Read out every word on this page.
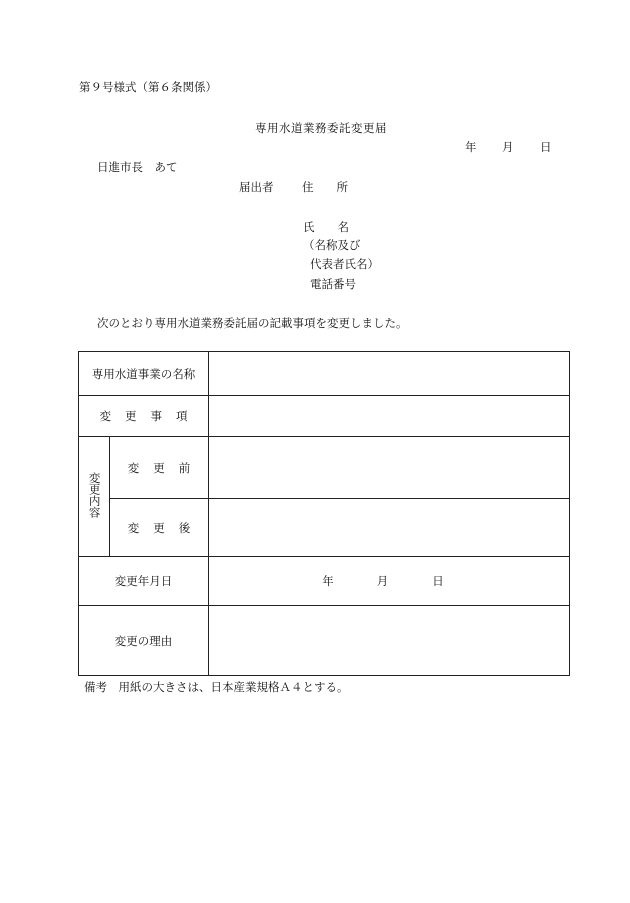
第９号様式（第６条関係）
専用水道業務委託変更届
年 月 日
日進市長　あて
届出者 住　　所
氏　　名
（名称及び
代表者氏名）
電話番号
次のとおり専用水道業務委託届の記載事項を変更しました。
専用水道事業の名称		
変更事項		
変更内容	変更前	
	変更後	
変更年月日		年 月 日

変更の理由		
備考　用紙の大きさは、日本産業規格Ａ４とする。
